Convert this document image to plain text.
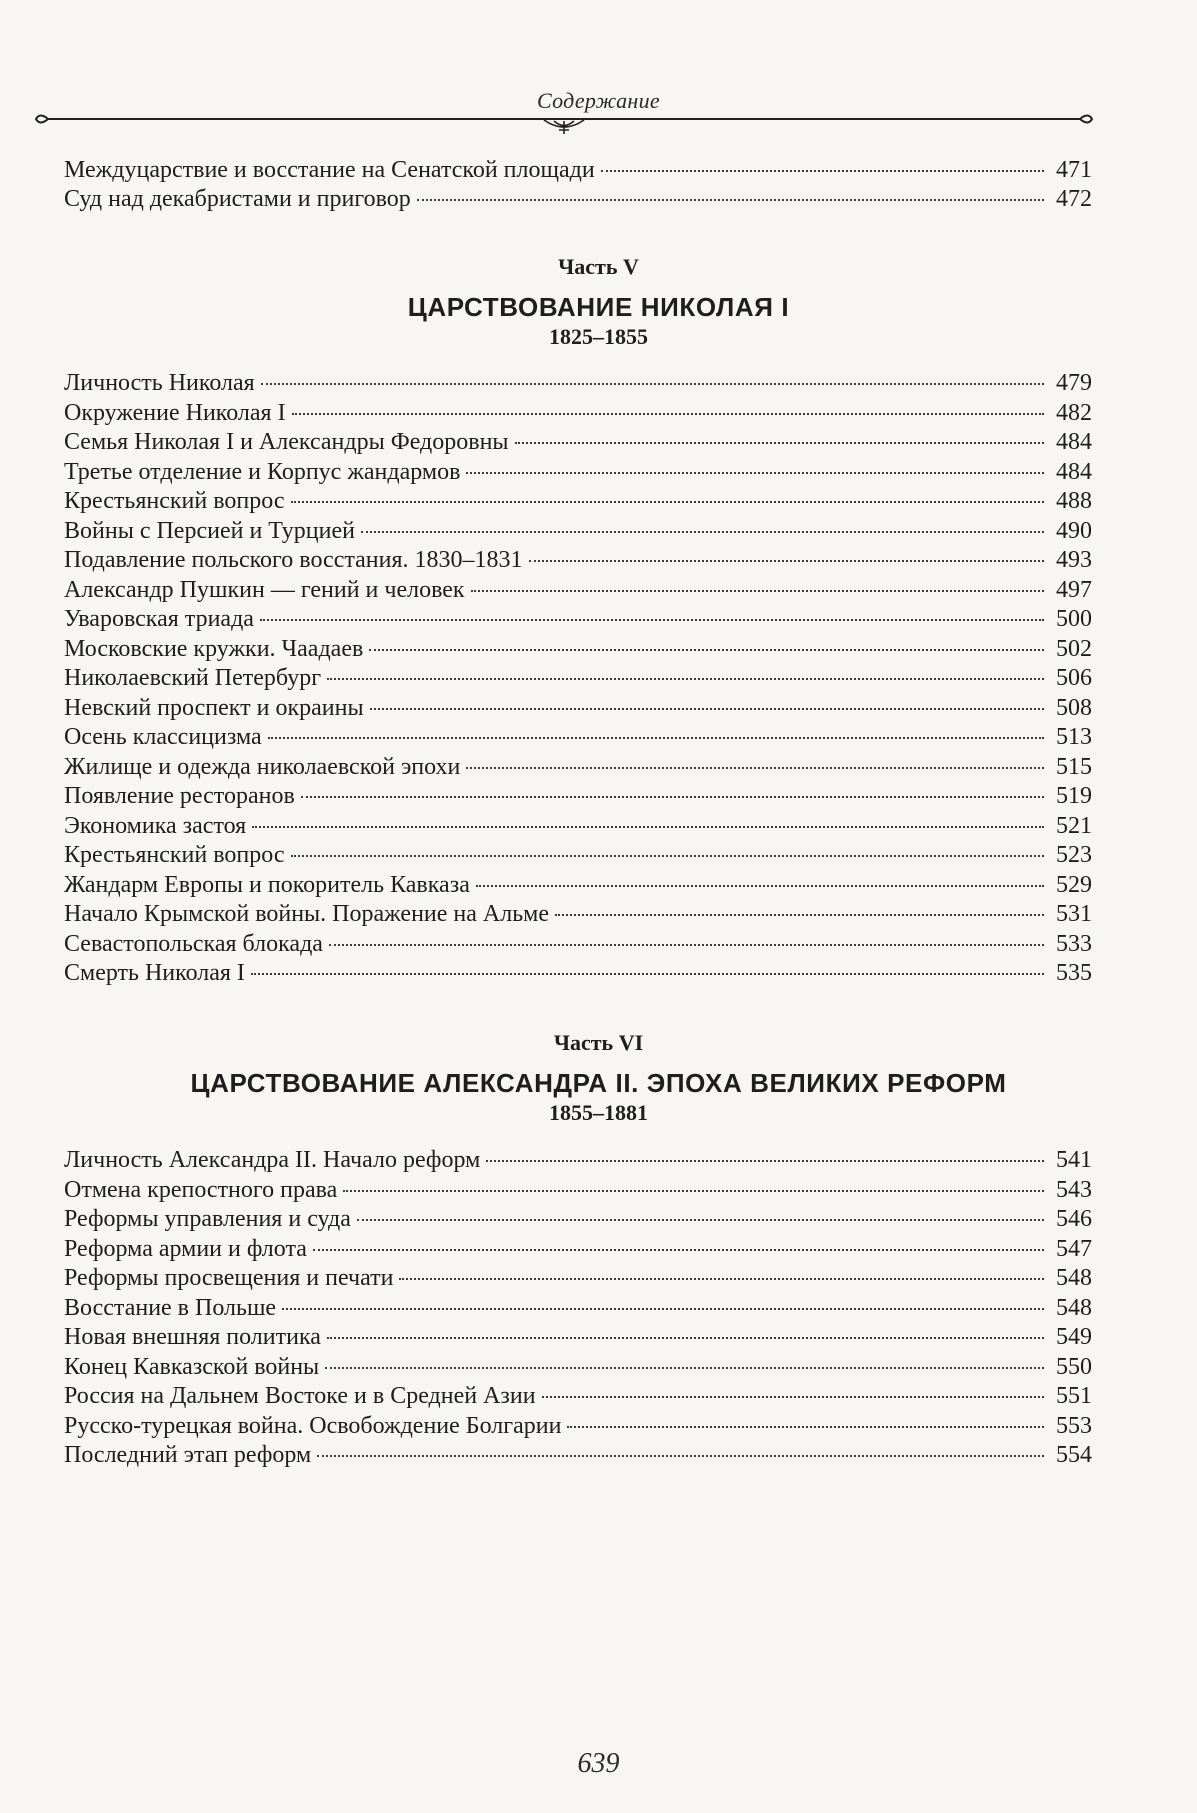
Содержание
Междуцарствие и восстание на Сенатской площади	471
Суд над декабристами и приговор	472
Часть V
ЦАРСТВОВАНИЕ НИКОЛАЯ I
1825–1855
Личность Николая	479
Окружение Николая I	482
Семья Николая I и Александры Федоровны	484
Третье отделение и Корпус жандармов	484
Крестьянский вопрос	488
Войны с Персией и Турцией	490
Подавление польского восстания. 1830–1831	493
Александр Пушкин — гений и человек	497
Уваровская триада	500
Московские кружки. Чаадаев	502
Николаевский Петербург	506
Невский проспект и окраины	508
Осень классицизма	513
Жилище и одежда николаевской эпохи	515
Появление ресторанов	519
Экономика застоя	521
Крестьянский вопрос	523
Жандарм Европы и покоритель Кавказа	529
Начало Крымской войны. Поражение на Альме	531
Севастопольская блокада	533
Смерть Николая I	535
Часть VI
ЦАРСТВОВАНИЕ АЛЕКСАНДРА II. ЭПОХА ВЕЛИКИХ РЕФОРМ
1855–1881
Личность Александра II. Начало реформ	541
Отмена крепостного права	543
Реформы управления и суда	546
Реформа армии и флота	547
Реформы просвещения и печати	548
Восстание в Польше	548
Новая внешняя политика	549
Конец Кавказской войны	550
Россия на Дальнем Востоке и в Средней Азии	551
Русско-турецкая война. Освобождение Болгарии	553
Последний этап реформ	554
639
